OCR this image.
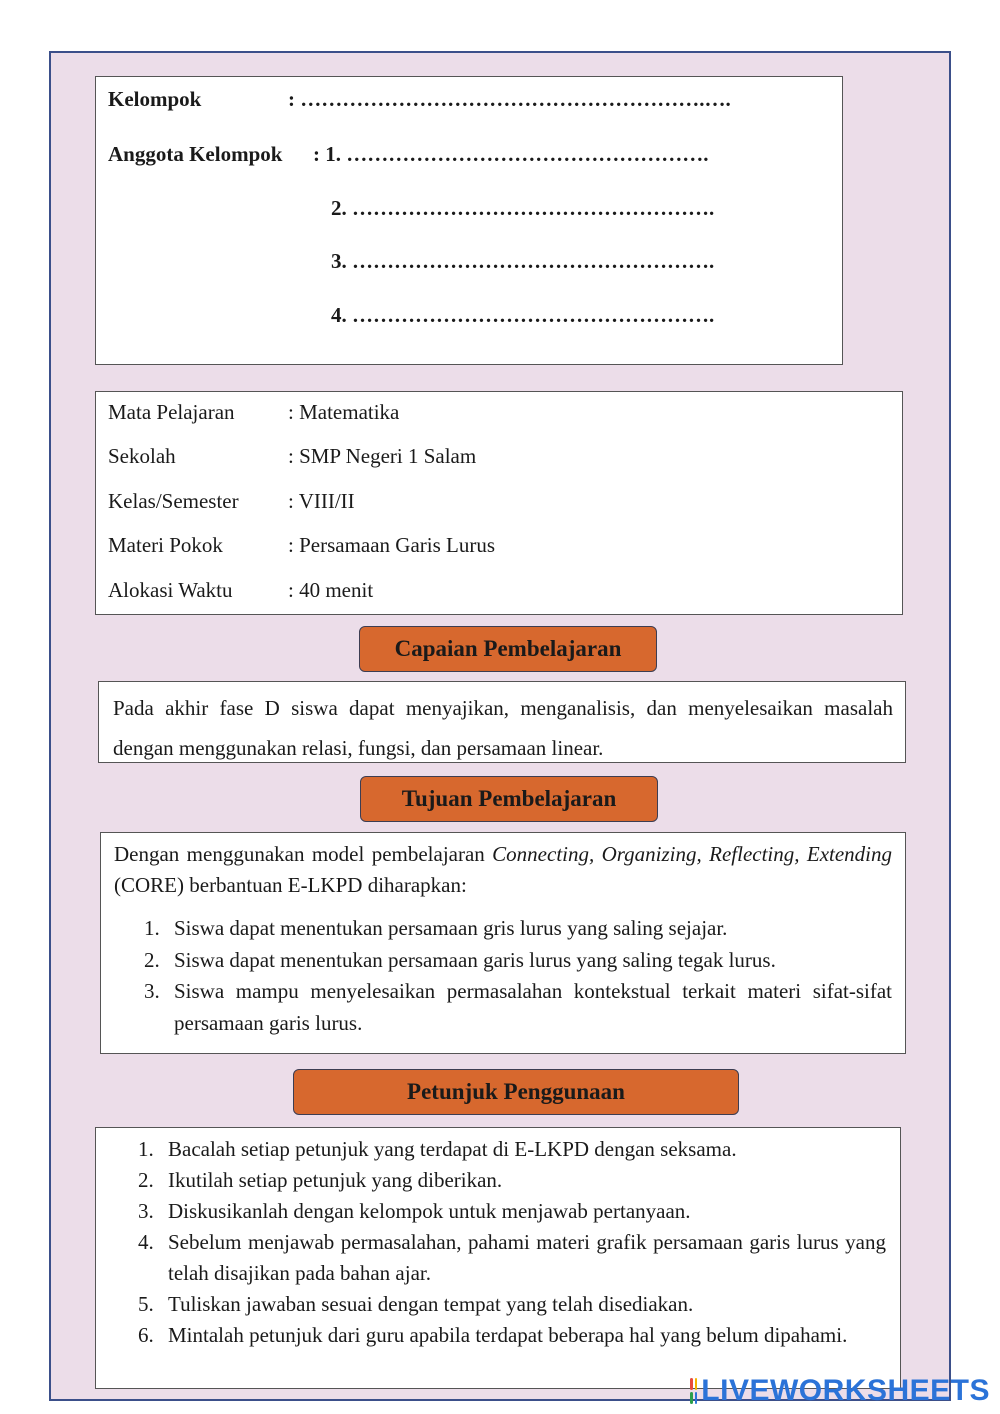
Kelompok	: ………………………………………………….….
Anggota Kelompok : 1. …………………………………………….
2. …………………………………………….
3. …………………………………………….
4. …………………………………………….
Mata Pelajaran	: Matematika
Sekolah	: SMP Negeri 1 Salam
Kelas/Semester : VIII/II
Materi Pokok	: Persamaan Garis Lurus
Alokasi Waktu	: 40 menit
Capaian Pembelajaran
Pada akhir fase D siswa dapat menyajikan, menganalisis, dan menyelesaikan masalah dengan menggunakan relasi, fungsi, dan persamaan linear.
Tujuan Pembelajaran
Dengan menggunakan model pembelajaran Connecting, Organizing, Reflecting, Extending (CORE) berbantuan E-LKPD diharapkan:
1. Siswa dapat menentukan persamaan gris lurus yang saling sejajar.
2. Siswa dapat menentukan persamaan garis lurus yang saling tegak lurus.
3. Siswa mampu menyelesaikan permasalahan kontekstual terkait materi sifat-sifat persamaan garis lurus.
Petunjuk Penggunaan
1. Bacalah setiap petunjuk yang terdapat di E-LKPD dengan seksama.
2. Ikutilah setiap petunjuk yang diberikan.
3. Diskusikanlah dengan kelompok untuk menjawab pertanyaan.
4. Sebelum menjawab permasalahan, pahami materi grafik persamaan garis lurus yang telah disajikan pada bahan ajar.
5. Tuliskan jawaban sesuai dengan tempat yang telah disediakan.
6. Mintalah petunjuk dari guru apabila terdapat beberapa hal yang belum dipahami.
LIVEWORKSHEETS
